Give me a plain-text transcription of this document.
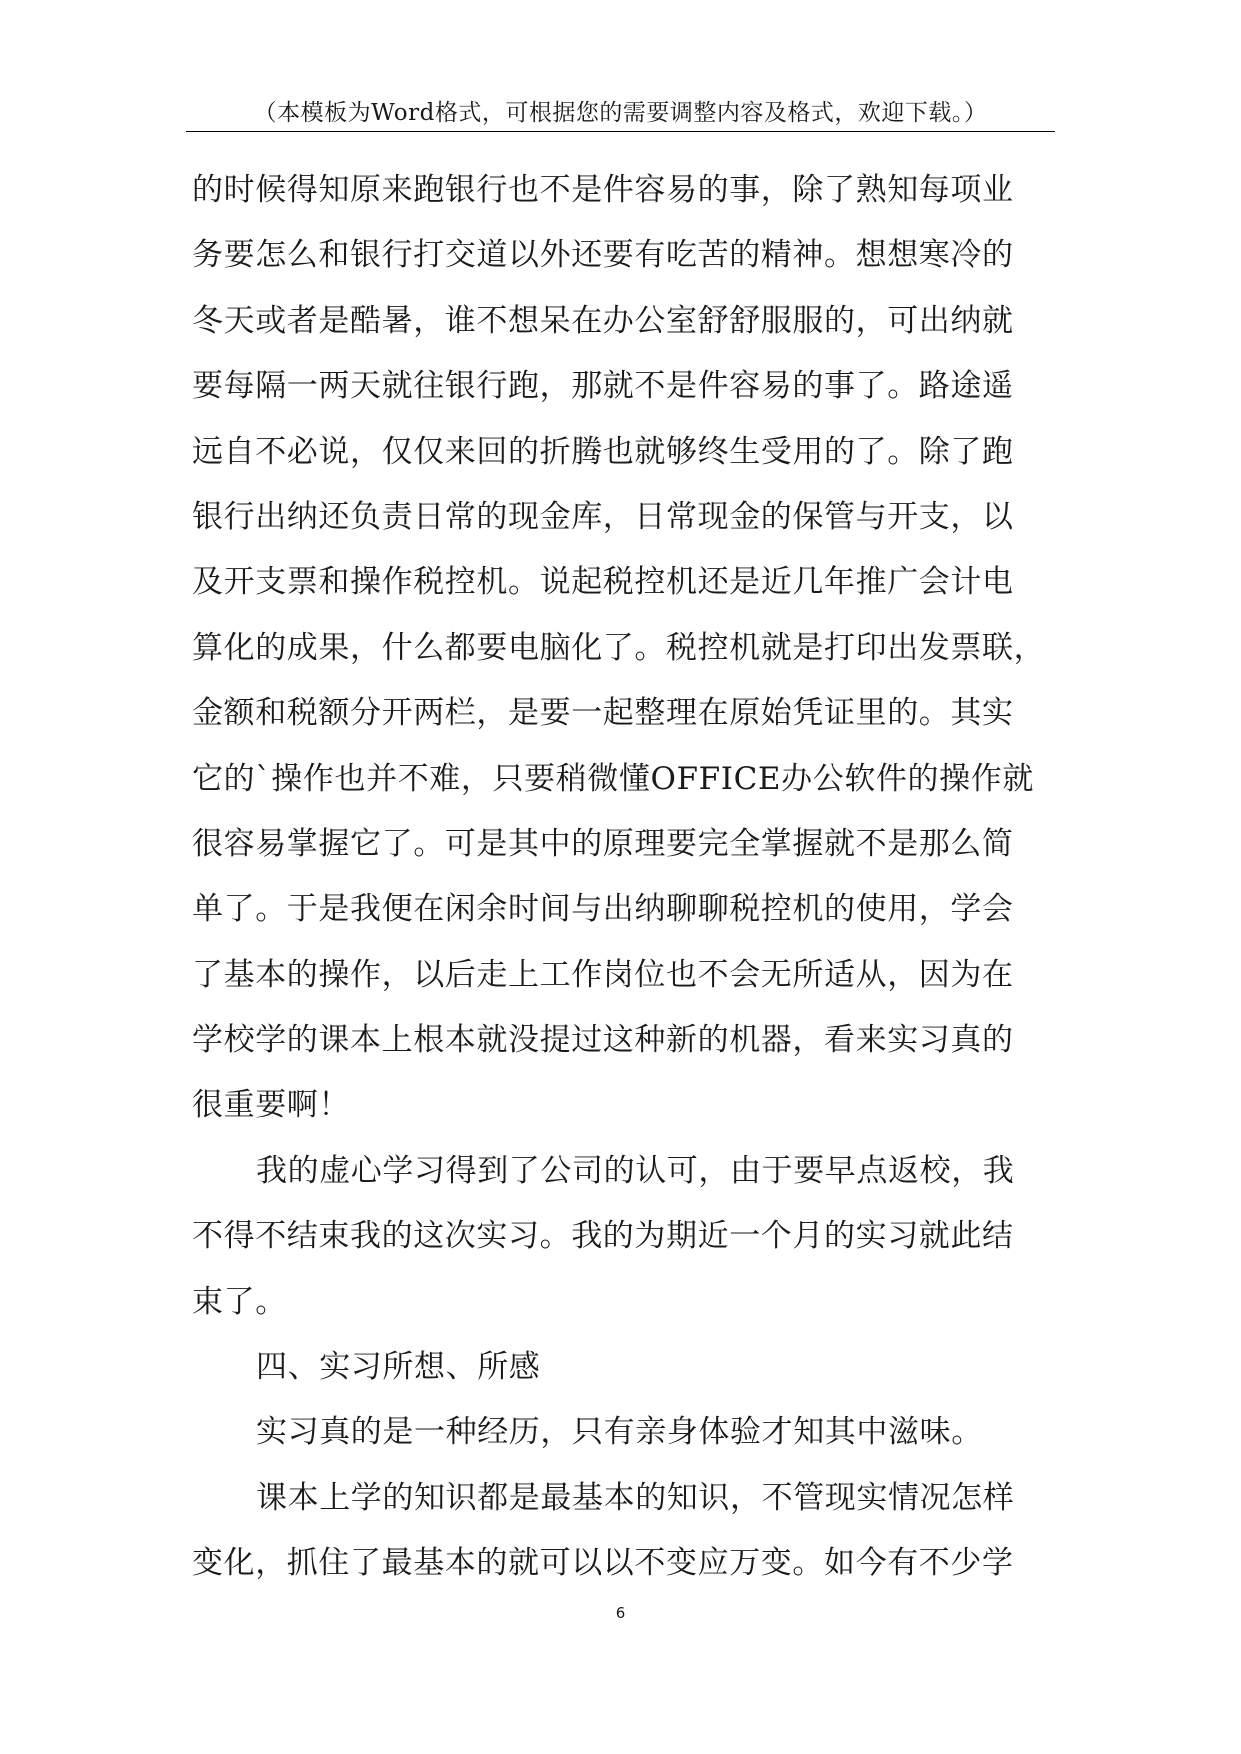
（本模板为Word格式，可根据您的需要调整内容及格式，欢迎下载。）
的时候得知原来跑银行也不是件容易的事，除了熟知每项业
务要怎么和银行打交道以外还要有吃苦的精神。想想寒冷的
冬天或者是酷暑，谁不想呆在办公室舒舒服服的，可出纳就
要每隔一两天就往银行跑，那就不是件容易的事了。路途遥
远自不必说，仅仅来回的折腾也就够终生受用的了。除了跑
银行出纳还负责日常的现金库，日常现金的保管与开支，以
及开支票和操作税控机。说起税控机还是近几年推广会计电
算化的成果，什么都要电脑化了。税控机就是打印出发票联，
金额和税额分开两栏，是要一起整理在原始凭证里的。其实
它的`操作也并不难，只要稍微懂OFFICE办公软件的操作就
很容易掌握它了。可是其中的原理要完全掌握就不是那么简
单了。于是我便在闲余时间与出纳聊聊税控机的使用，学会
了基本的操作，以后走上工作岗位也不会无所适从，因为在
学校学的课本上根本就没提过这种新的机器，看来实习真的
很重要啊！
我的虚心学习得到了公司的认可，由于要早点返校，我
不得不结束我的这次实习。我的为期近一个月的实习就此结
束了。
四、实习所想、所感
实习真的是一种经历，只有亲身体验才知其中滋味。
课本上学的知识都是最基本的知识，不管现实情况怎样
变化，抓住了最基本的就可以以不变应万变。如今有不少学
6
